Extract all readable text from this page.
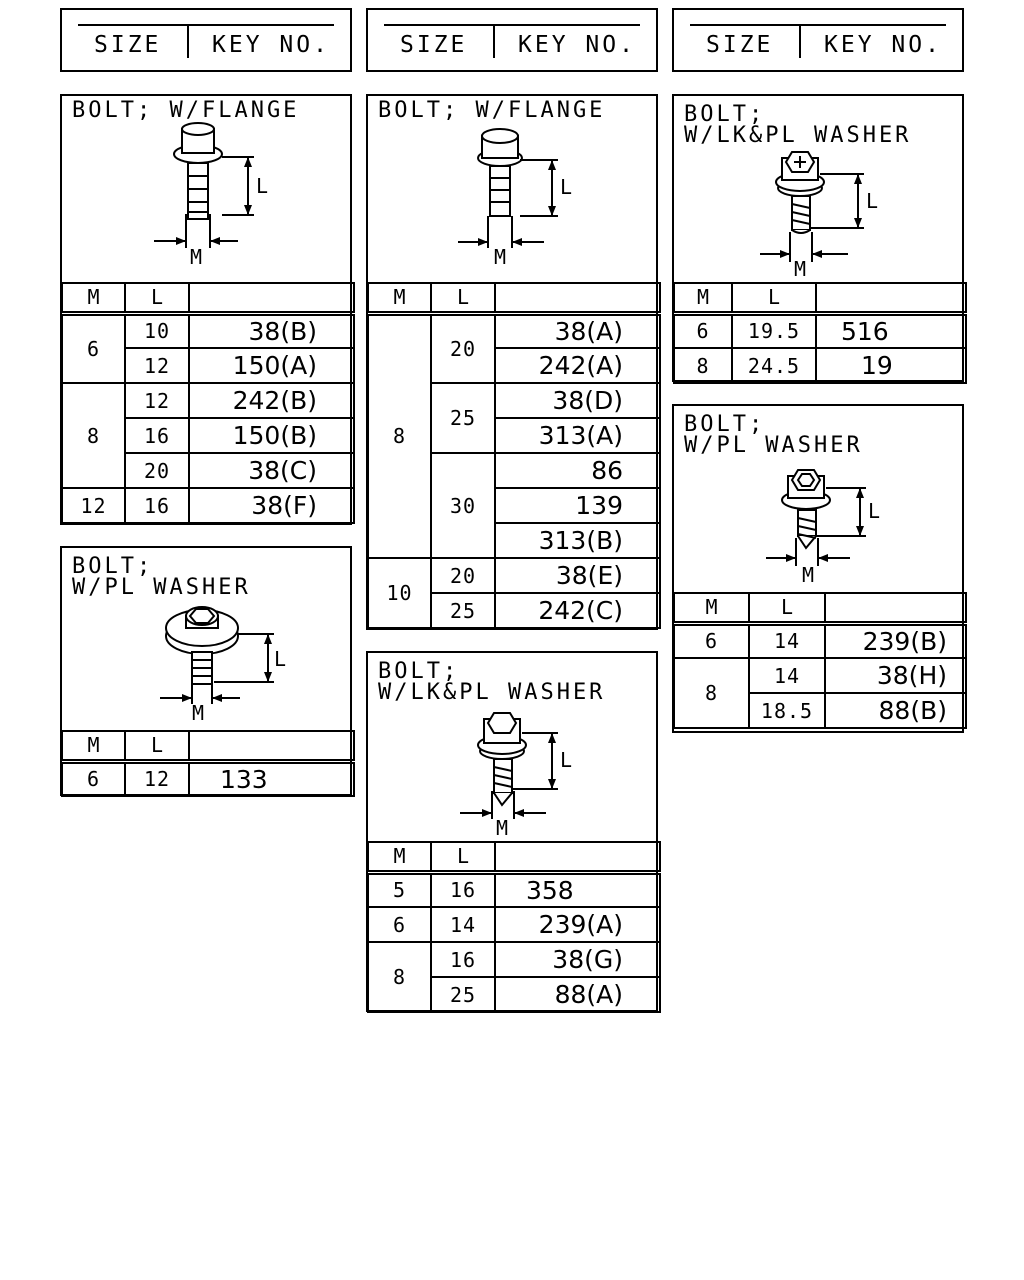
SIZE KEY NO.	SIZE KEY NO.	SIZE KEY NO.
BOLT; W/FLANGE
L
M
M	L	
6	10	38(B)
	12	150(A)
8	12	242(B)
	16	150(B)
	20	38(C)
12	16	38(F)
BOLT;
W/PL WASHER
L
M
M	L	
6	12	133
BOLT; W/FLANGE
L
M
M	L	
8	20	38(A)
		242(A)
	25	38(D)
		313(A)
	30	86
		139
		313(B)
10	20	38(E)
	25	242(C)
BOLT;
W/LK&PL WASHER
L
M
M	L	
5	16	358
6	14	239(A)
8	16	38(G)
	25	88(A)
BOLT;
W/LK&PL WASHER
L
M
M	L	
6	19.5	516
8	24.5	19
BOLT;
W/PL WASHER
L
M
M	L	
6	14	239(B)
8	14	38(H)
	18.5	88(B)
